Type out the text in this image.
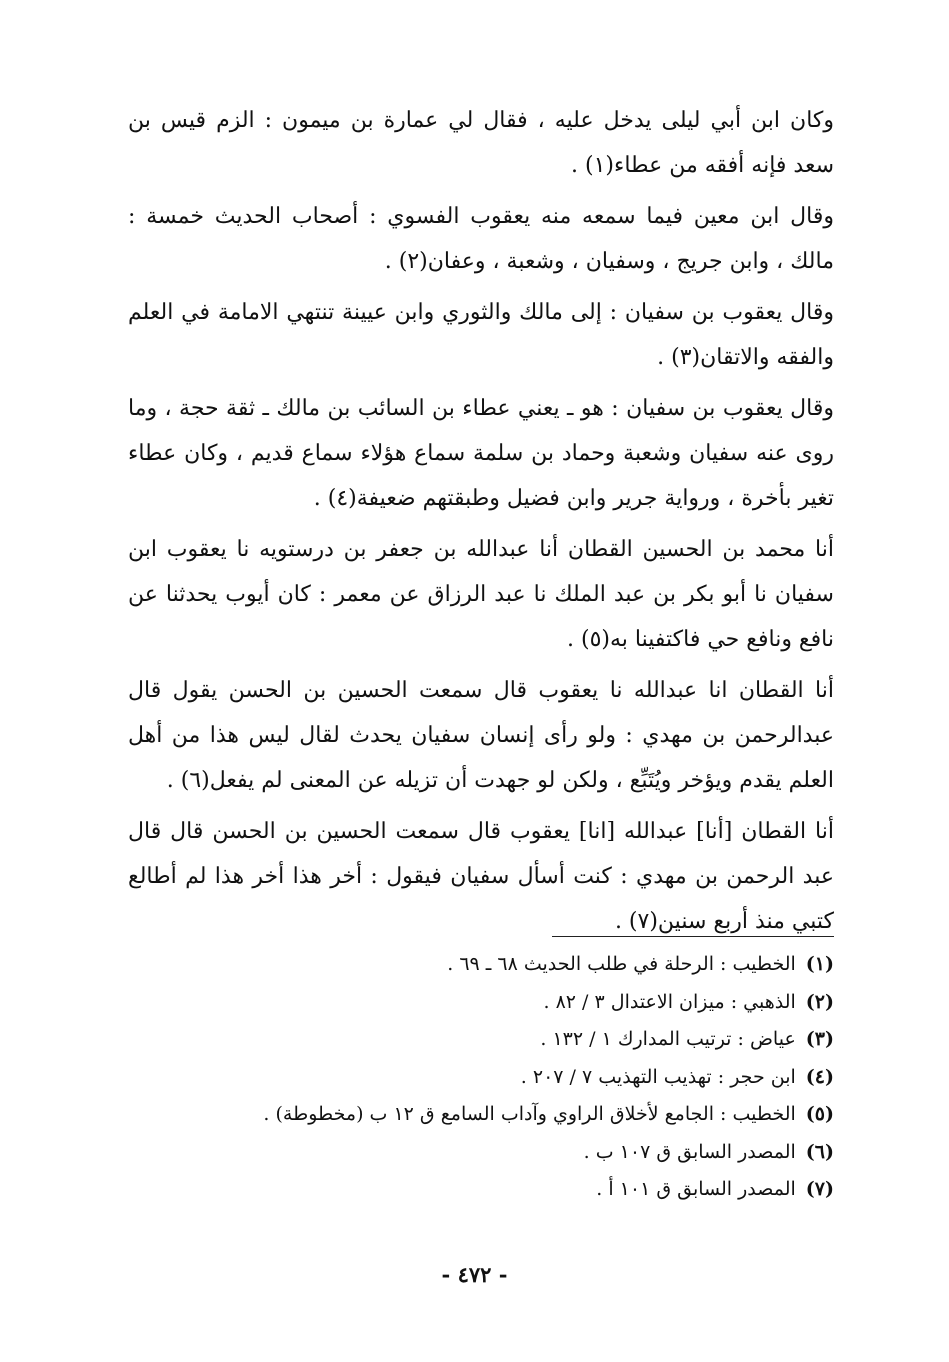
وكان ابن أبي ليلى يدخل عليه ، فقال لي عمارة بن ميمون : الزم قيس بن سعد فإنه أفقه من عطاء(١) .

وقال ابن معين فيما سمعه منه يعقوب الفسوي : أصحاب الحديث خمسة : مالك ، وابن جريج ، وسفيان ، وشعبة ، وعفان(٢) .

وقال يعقوب بن سفيان : إلى مالك والثوري وابن عيينة تنتهي الامامة في العلم والفقه والاتقان(٣) .

وقال يعقوب بن سفيان : هو ـ يعني عطاء بن السائب بن مالك ـ ثقة حجة ، وما روى عنه سفيان وشعبة وحماد بن سلمة سماع هؤلاء سماع قديم ، وكان عطاء تغير بأخرة ، ورواية جرير وابن فضيل وطبقتهم ضعيفة(٤) .

أنا محمد بن الحسين القطان أنا عبدالله بن جعفر بن درستويه نا يعقوب ابن سفيان نا أبو بكر بن عبد الملك نا عبد الرزاق عن معمر : كان أيوب يحدثنا عن نافع ونافع حي فاكتفينا به(٥) .

أنا القطان انا عبدالله نا يعقوب قال سمعت الحسين بن الحسن يقول قال عبدالرحمن بن مهدي : ولو رأى إنسان سفيان يحدث لقال ليس هذا من أهل العلم يقدم ويؤخر ويُتَبِّع ، ولكن لو جهدت أن تزيله عن المعنى لم يفعل(٦) .

أنا القطان [أنا] عبدالله [انا] يعقوب قال سمعت الحسين بن الحسن قال قال عبد الرحمن بن مهدي : كنت أسأل سفيان فيقول : أخر هذا أخر هذا لم أطالع كتبي منذ أربع سنين(٧) .

(١)الخطيب : الرحلة في طلب الحديث ٦٨ ـ ٦٩ .
(٢)الذهبي : ميزان الاعتدال ٣ / ٨٢ .
(٣)عياض : ترتيب المدارك ١ / ١٣٢ .
(٤)ابن حجر : تهذيب التهذيب ٧ / ٢٠٧ .
(٥)الخطيب : الجامع لأخلاق الراوي وآداب السامع ق ١٢ ب (مخطوطة) .
(٦)المصدر السابق ق ١٠٧ ب .
(٧)المصدر السابق ق ١٠١ أ .
- ٤٧٢ -
